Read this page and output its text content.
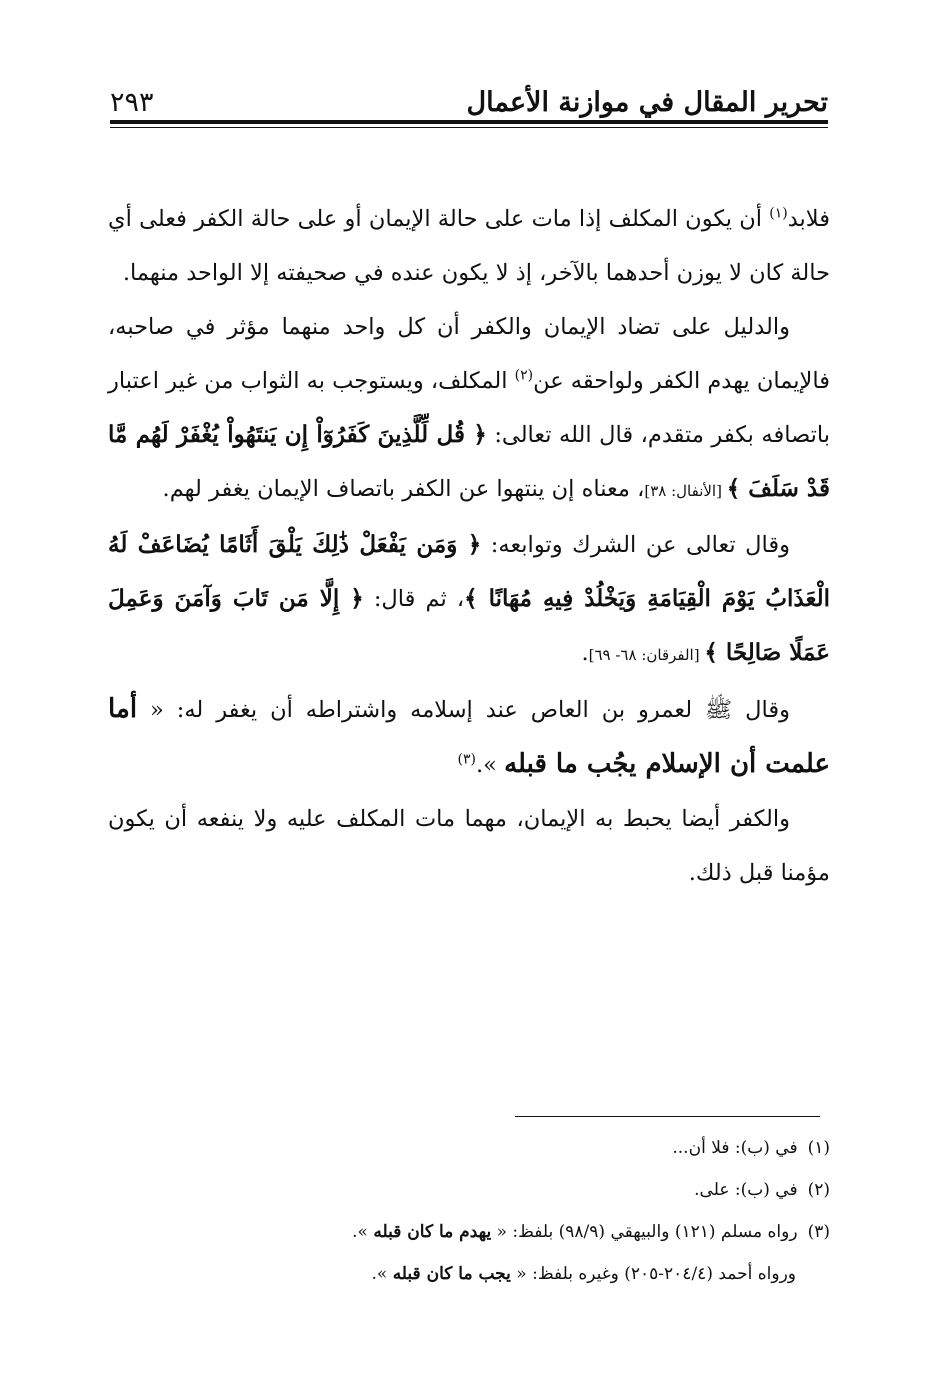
تحرير المقال في موازنة الأعمال
٢٩٣

فلابد$^{(١)}$ أن يكون المكلف إذا مات على حالة الإيمان أو على حالة الكفر فعلى أي حالة كان لا يوزن أحدهما بالآخر، إذ لا يكون عنده في صحيفته إلا الواحد منهما.

والدليل على تضاد الإيمان والكفر أن كل واحد منهما مؤثر في صاحبه، فالإيمان يهدم الكفر ولواحقه عن$^{(٢)}$ المكلف، ويستوجب به الثواب من غير اعتبار باتصافه بكفر متقدم، قال الله تعالى: ﴿ قُل لِّلَّذِينَ كَفَرُوٓاْ إِن يَنتَهُواْ يُغْفَرْ لَهُم مَّا قَدْ سَلَفَ ﴾ [الأنفال: ٣٨]، معناه إن ينتهوا عن الكفر باتصاف الإيمان يغفر لهم.

وقال تعالى عن الشرك وتوابعه: ﴿ وَمَن يَفْعَلْ ذَٰلِكَ يَلْقَ أَثَامًا يُضَاعَفْ لَهُ الْعَذَابُ يَوْمَ الْقِيَامَةِ وَيَخْلُدْ فِيهِ مُهَانًا ﴾، ثم قال: ﴿ إِلَّا مَن تَابَ وَآمَنَ وَعَمِلَ عَمَلًا صَالِحًا ﴾ [الفرقان: ٦٨- ٦٩].

وقال ﷺ لعمرو بن العاص عند إسلامه واشتراطه أن يغفر له: « أما علمت أن الإسلام يجُب ما قبله ».$^{(٣)}$

والكفر أيضا يحبط به الإيمان، مهما مات المكلف عليه ولا ينفعه أن يكون مؤمنا قبل ذلك.

(١)في (ب): فلا أن...

(٢)في (ب): على.

(٣)رواه مسلم (١٢١) والبيهقي (٩٨/٩) بلفظ: « يهدم ما كان قبله ».

ورواه أحمد (٢٠٤/٤-٢٠٥) وغيره بلفظ: « يجب ما كان قبله ».
